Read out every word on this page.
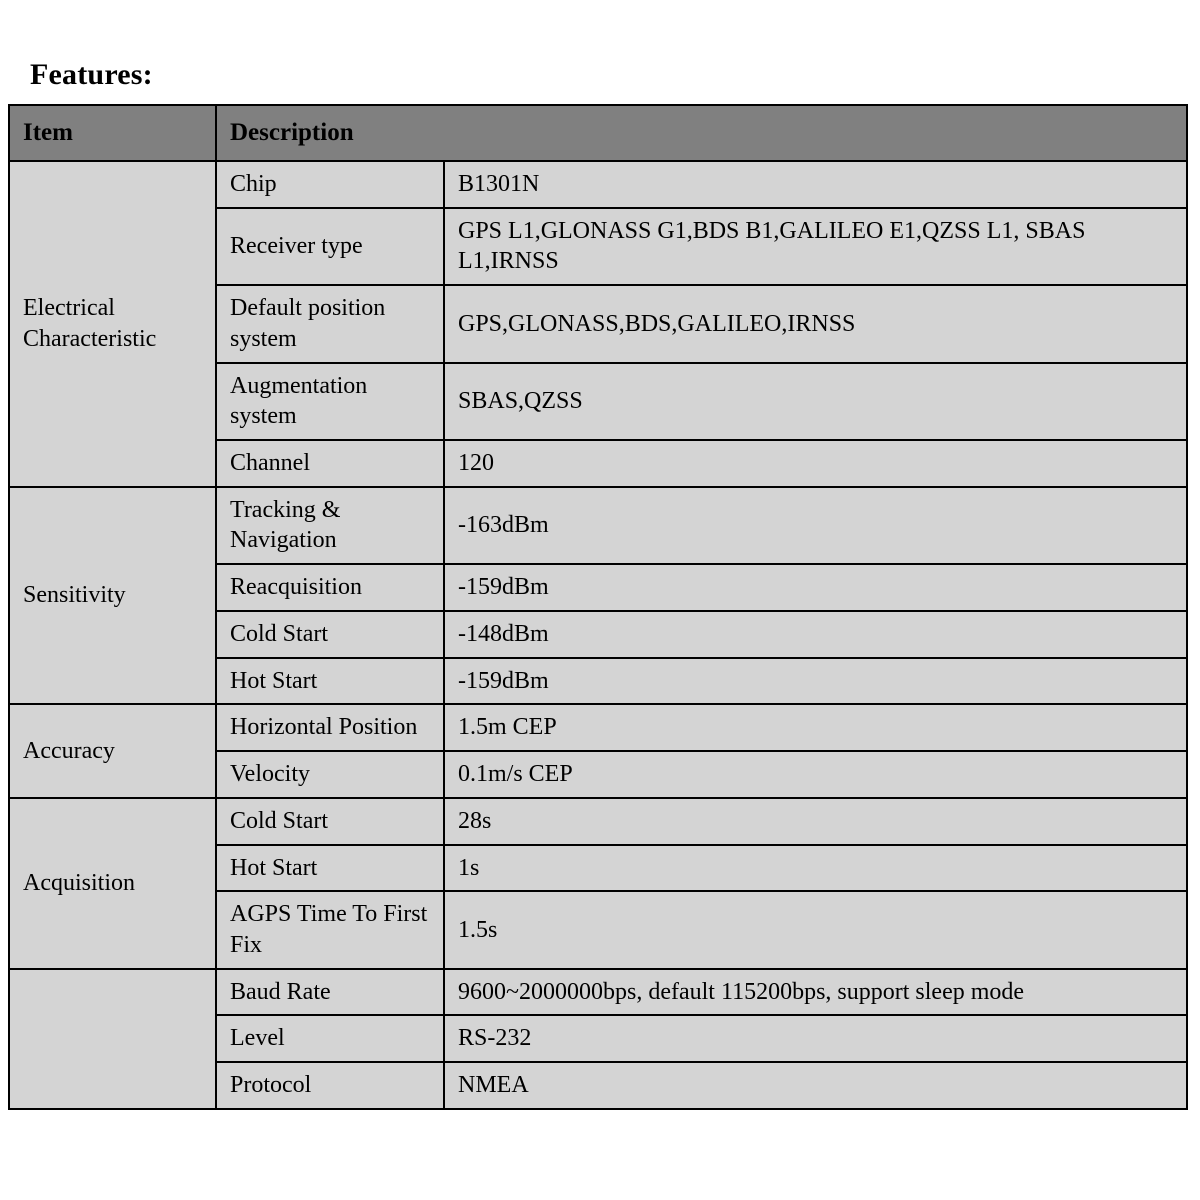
Features:
Item	Description	
Electrical Characteristic	Chip	B1301N
	Receiver type	GPS L1,GLONASS G1,BDS B1,GALILEO E1,QZSS L1, SBAS L1,IRNSS
	Default position system	GPS,GLONASS,BDS,GALILEO,IRNSS
	Augmentation system	SBAS,QZSS
	Channel	120
Sensitivity	Tracking & Navigation	-163dBm
	Reacquisition	-159dBm
	Cold Start	-148dBm
	Hot Start	-159dBm
Accuracy	Horizontal Position	1.5m CEP
	Velocity	0.1m/s CEP
Acquisition	Cold Start	28s
	Hot Start	1s
	AGPS Time To First Fix	1.5s
	Baud Rate	9600~2000000bps, default 115200bps, support sleep mode
	Level	RS-232
	Protocol	NMEA
